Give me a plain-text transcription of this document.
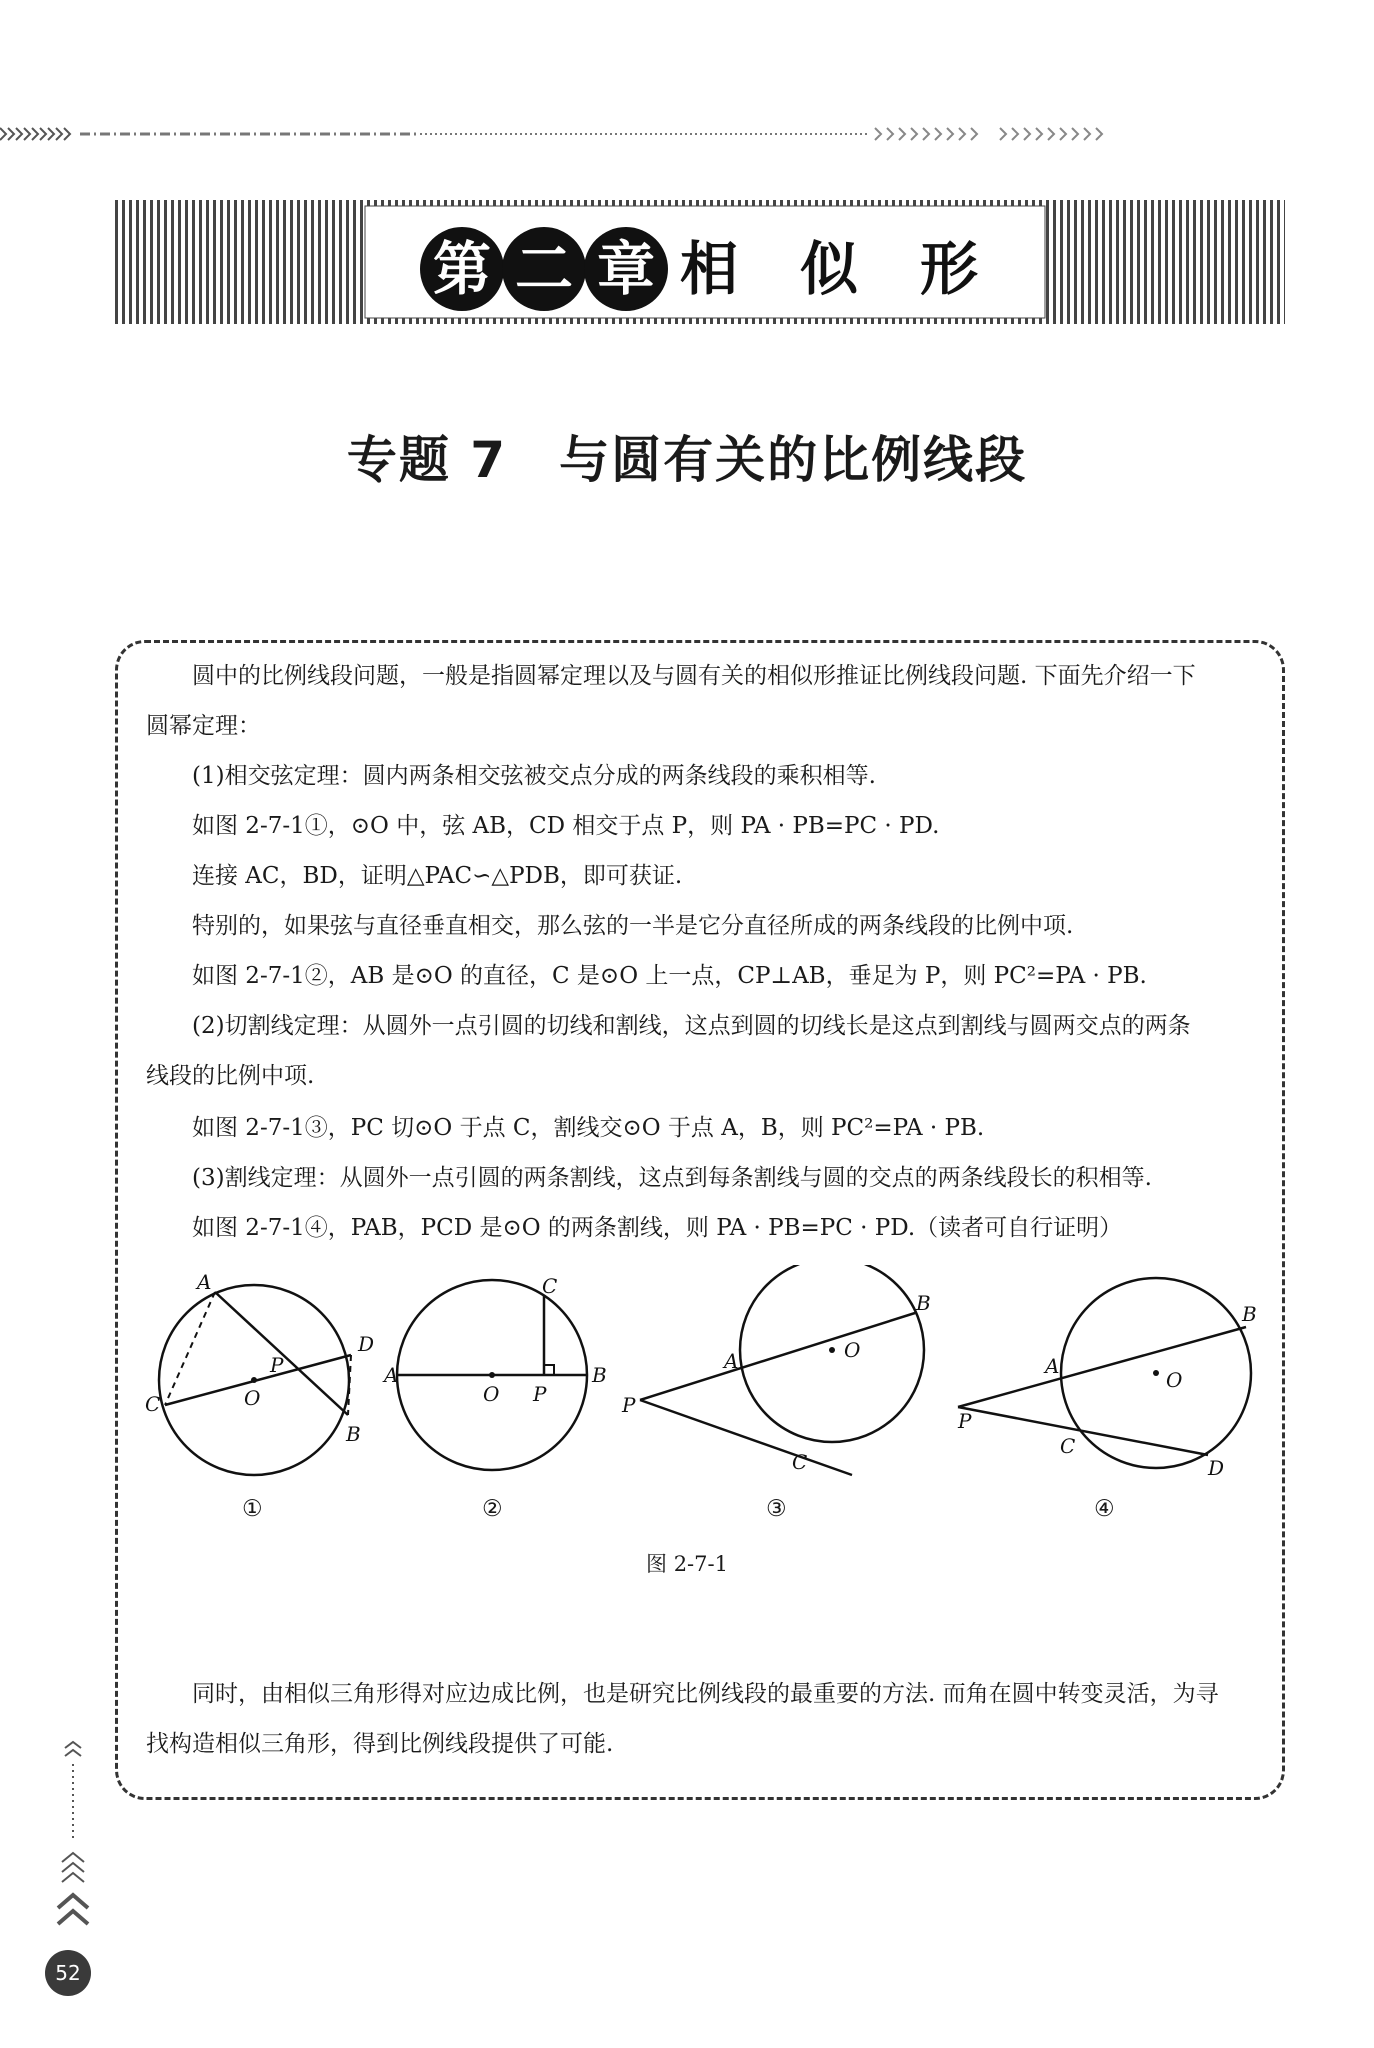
第 二 章 相 似 形
专题 7　与圆有关的比例线段
圆中的比例线段问题，一般是指圆幂定理以及与圆有关的相似形推证比例线段问题. 下面先介绍一下
圆幂定理：
(1)相交弦定理：圆内两条相交弦被交点分成的两条线段的乘积相等.
如图 2-7-1①，⊙O 中，弦 AB，CD 相交于点 P，则 PA · PB=PC · PD.
连接 AC，BD，证明△PAC∽△PDB，即可获证.
特别的，如果弦与直径垂直相交，那么弦的一半是它分直径所成的两条线段的比例中项.
如图 2-7-1②，AB 是⊙O 的直径，C 是⊙O 上一点，CP⊥AB，垂足为 P，则 PC²=PA · PB.
(2)切割线定理：从圆外一点引圆的切线和割线，这点到圆的切线长是这点到割线与圆两交点的两条
线段的比例中项.
如图 2-7-1③，PC 切⊙O 于点 C，割线交⊙O 于点 A，B，则 PC²=PA · PB.
(3)割线定理：从圆外一点引圆的两条割线，这点到每条割线与圆的交点的两条线段长的积相等.
如图 2-7-1④，PAB，PCD 是⊙O 的两条割线，则 PA · PB=PC · PD.（读者可自行证明）
A
D
P
C	O
B
C
A	B
O P	P
A
B
O
C
P
A
B
O
C
D
①	②	③	④
图 2-7-1
同时，由相似三角形得对应边成比例，也是研究比例线段的最重要的方法. 而角在圆中转变灵活，为寻
找构造相似三角形，得到比例线段提供了可能.
52
